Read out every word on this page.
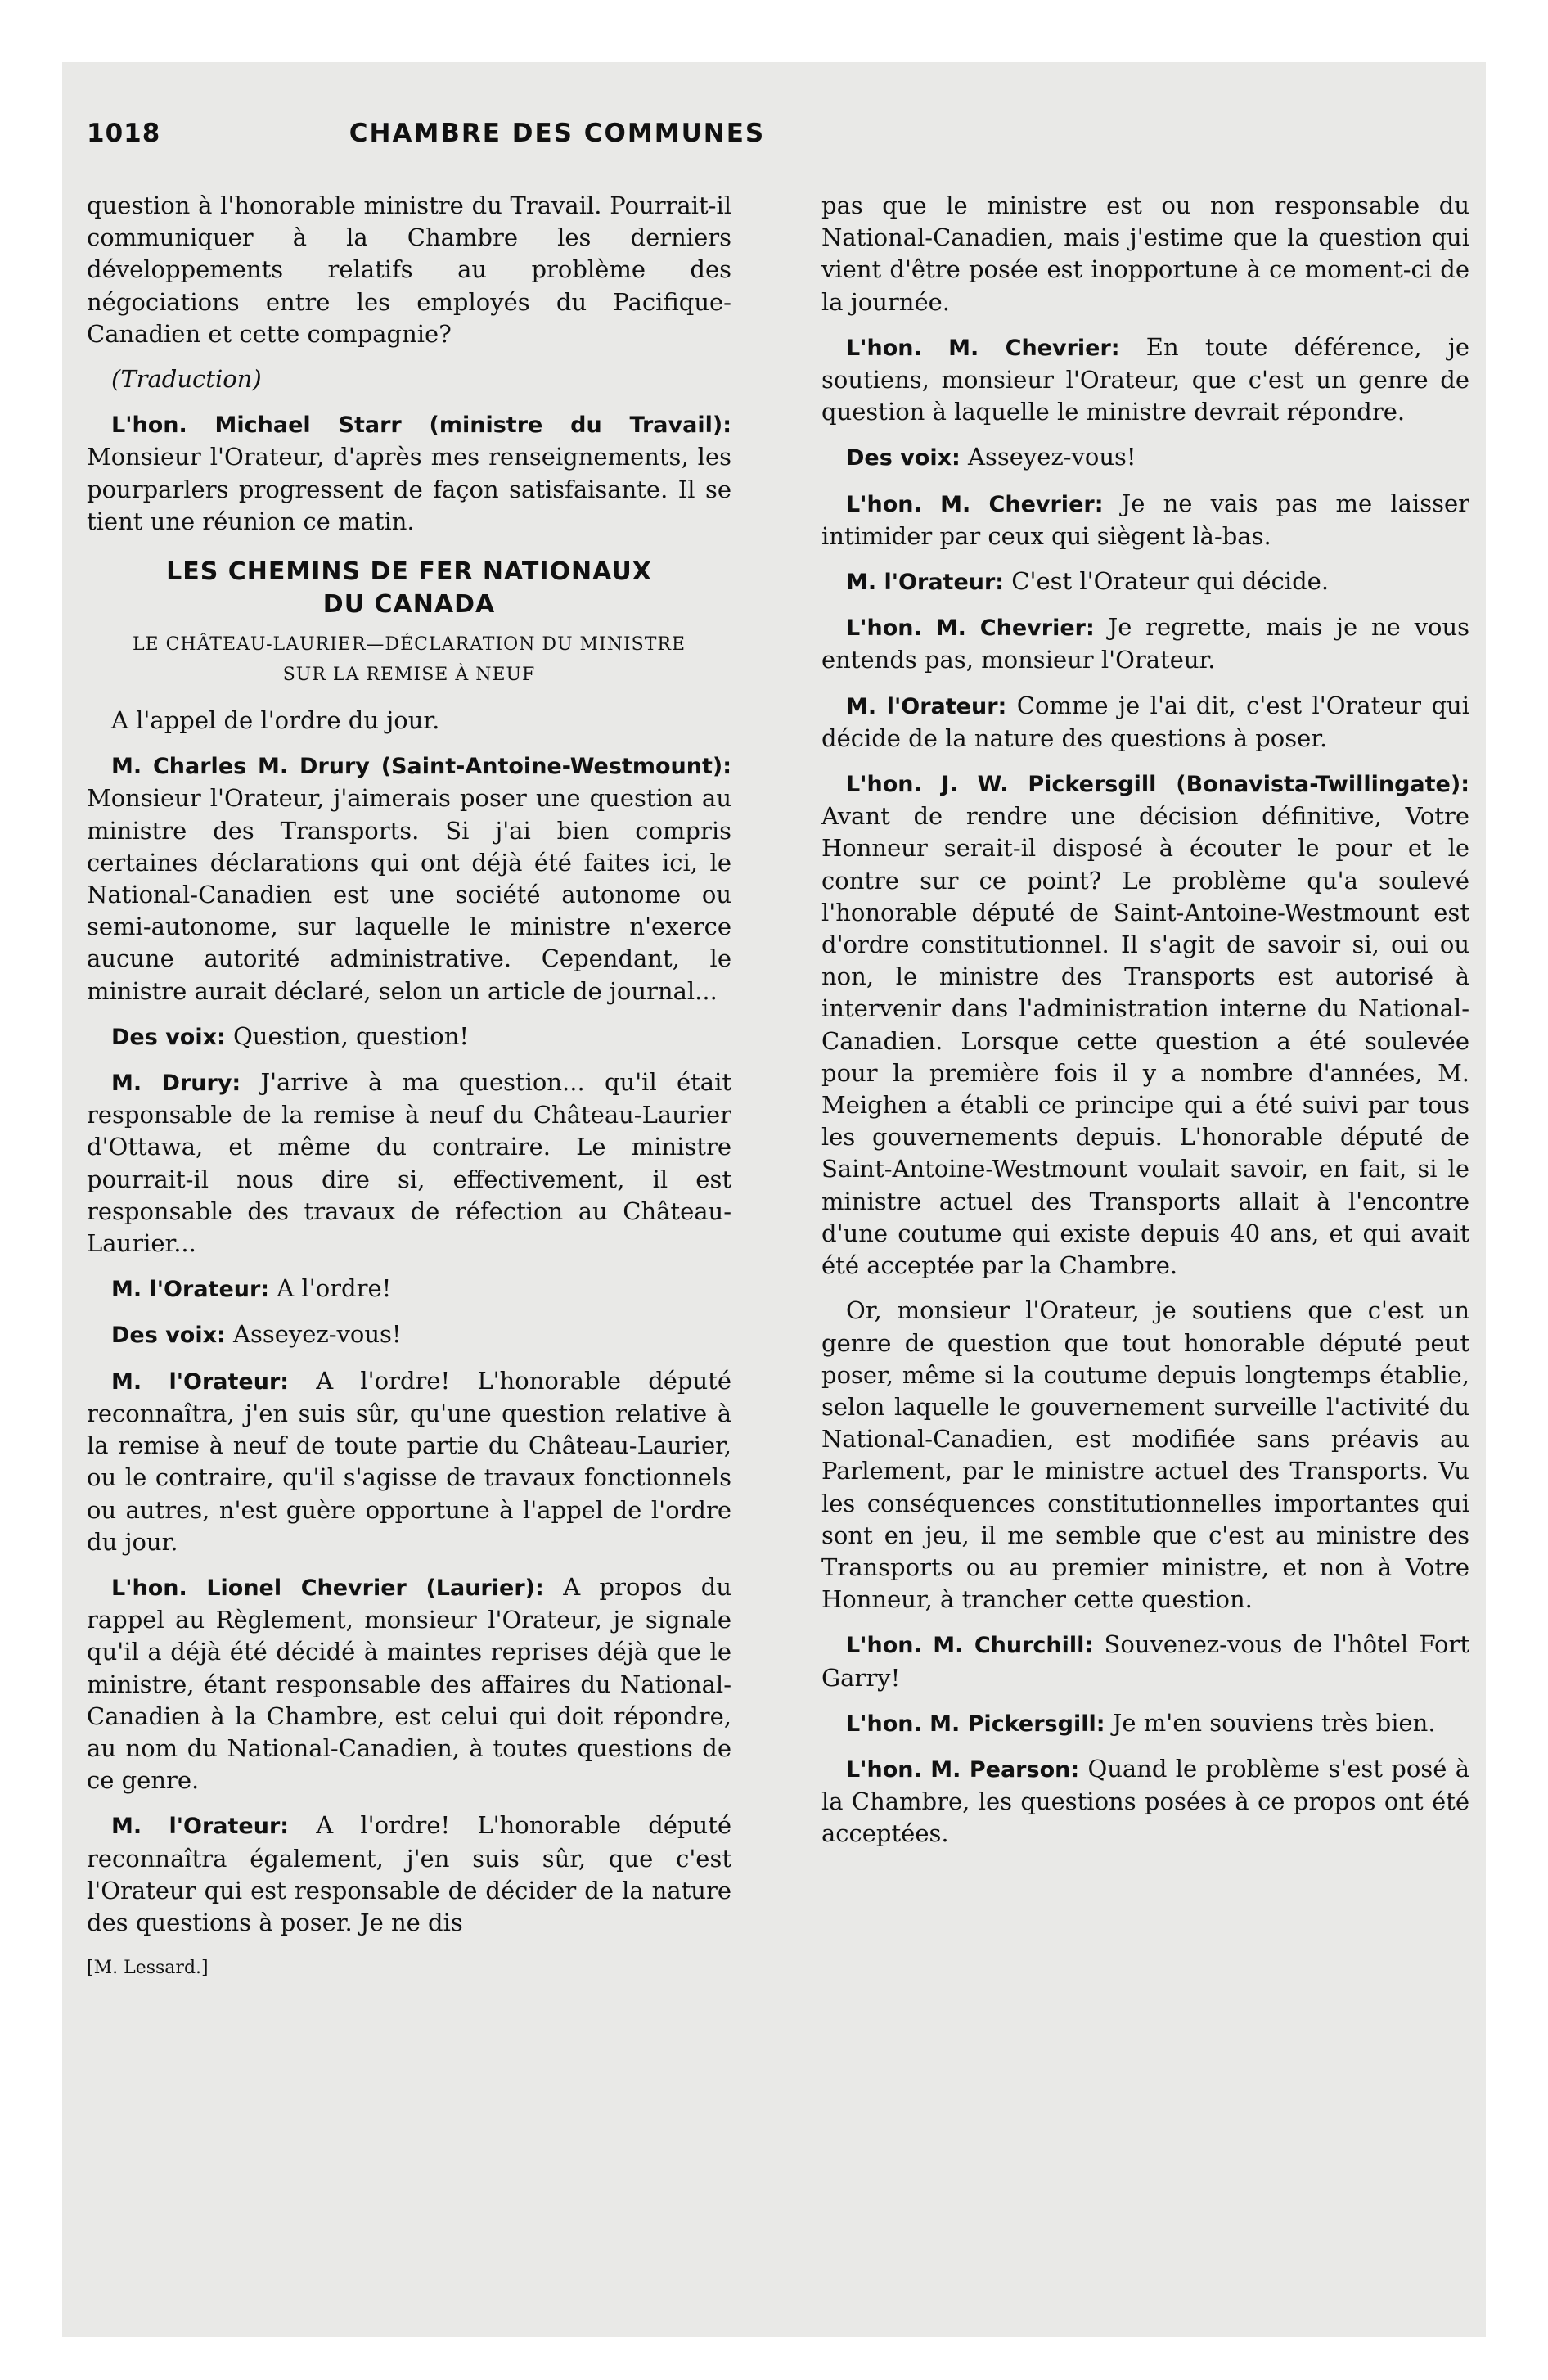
CHAMBRE DES COMMUNES
1018

question à l'honorable ministre du Travail. Pourrait-il communiquer à la Chambre les derniers développements relatifs au problème des négociations entre les employés du Pacifique-Canadien et cette compagnie?

(Traduction)

L'hon. Michael Starr (ministre du Travail): Monsieur l'Orateur, d'après mes renseignements, les pourparlers progressent de façon satisfaisante. Il se tient une réunion ce matin.

LES CHEMINS DE FER NATIONAUX
DU CANADA
LE CHÂTEAU-LAURIER—DÉCLARATION DU MINISTRE
SUR LA REMISE À NEUF

A l'appel de l'ordre du jour.

M. Charles M. Drury (Saint-Antoine-Westmount): Monsieur l'Orateur, j'aimerais poser une question au ministre des Transports. Si j'ai bien compris certaines déclarations qui ont déjà été faites ici, le National-Canadien est une société autonome ou semi-autonome, sur laquelle le ministre n'exerce aucune autorité administrative. Cependant, le ministre aurait déclaré, selon un article de journal...

Des voix: Question, question!

M. Drury: J'arrive à ma question... qu'il était responsable de la remise à neuf du Château-Laurier d'Ottawa, et même du contraire. Le ministre pourrait-il nous dire si, effectivement, il est responsable des travaux de réfection au Château-Laurier...

M. l'Orateur: A l'ordre!

Des voix: Asseyez-vous!

M. l'Orateur: A l'ordre! L'honorable député reconnaîtra, j'en suis sûr, qu'une question relative à la remise à neuf de toute partie du Château-Laurier, ou le contraire, qu'il s'agisse de travaux fonctionnels ou autres, n'est guère opportune à l'appel de l'ordre du jour.

L'hon. Lionel Chevrier (Laurier): A propos du rappel au Règlement, monsieur l'Orateur, je signale qu'il a déjà été décidé à maintes reprises déjà que le ministre, étant responsable des affaires du National-Canadien à la Chambre, est celui qui doit répondre, au nom du National-Canadien, à toutes questions de ce genre.

M. l'Orateur: A l'ordre! L'honorable député reconnaîtra également, j'en suis sûr, que c'est l'Orateur qui est responsable de décider de la nature des questions à poser. Je ne dis

[M. Lessard.]

pas que le ministre est ou non responsable du National-Canadien, mais j'estime que la question qui vient d'être posée est inopportune à ce moment-ci de la journée.

L'hon. M. Chevrier: En toute déférence, je soutiens, monsieur l'Orateur, que c'est un genre de question à laquelle le ministre devrait répondre.

Des voix: Asseyez-vous!

L'hon. M. Chevrier: Je ne vais pas me laisser intimider par ceux qui siègent là-bas.

M. l'Orateur: C'est l'Orateur qui décide.

L'hon. M. Chevrier: Je regrette, mais je ne vous entends pas, monsieur l'Orateur.

M. l'Orateur: Comme je l'ai dit, c'est l'Orateur qui décide de la nature des questions à poser.

L'hon. J. W. Pickersgill (Bonavista-Twillingate): Avant de rendre une décision définitive, Votre Honneur serait-il disposé à écouter le pour et le contre sur ce point? Le problème qu'a soulevé l'honorable député de Saint-Antoine-Westmount est d'ordre constitutionnel. Il s'agit de savoir si, oui ou non, le ministre des Transports est autorisé à intervenir dans l'administration interne du National-Canadien. Lorsque cette question a été soulevée pour la première fois il y a nombre d'années, M. Meighen a établi ce principe qui a été suivi par tous les gouvernements depuis. L'honorable député de Saint-Antoine-Westmount voulait savoir, en fait, si le ministre actuel des Transports allait à l'encontre d'une coutume qui existe depuis 40 ans, et qui avait été acceptée par la Chambre.

Or, monsieur l'Orateur, je soutiens que c'est un genre de question que tout honorable député peut poser, même si la coutume depuis longtemps établie, selon laquelle le gouvernement surveille l'activité du National-Canadien, est modifiée sans préavis au Parlement, par le ministre actuel des Transports. Vu les conséquences constitutionnelles importantes qui sont en jeu, il me semble que c'est au ministre des Transports ou au premier ministre, et non à Votre Honneur, à trancher cette question.

L'hon. M. Churchill: Souvenez-vous de l'hôtel Fort Garry!

L'hon. M. Pickersgill: Je m'en souviens très bien.

L'hon. M. Pearson: Quand le problème s'est posé à la Chambre, les questions posées à ce propos ont été acceptées.
